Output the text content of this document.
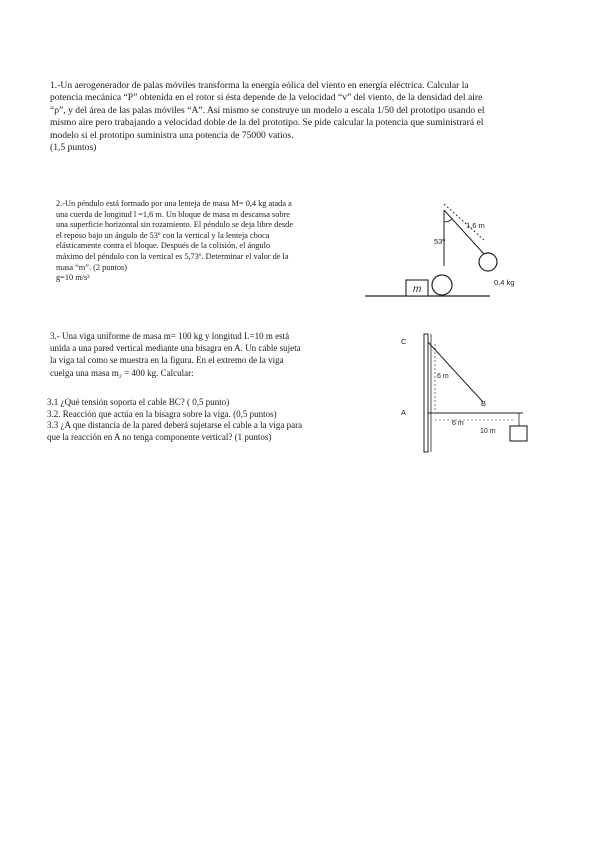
1.-Un aerogenerador de palas móviles transforma la energía eólica del viento en energía eléctrica. Calcular la
potencia mecánica “P” obtenida en el rotor si ésta depende de la velocidad “v” del viento, de la densidad del aire
“ρ”, y del área de las palas móviles “A”. Así mismo se construye un modelo a escala 1/50 del prototipo usando el
mismo aire pero trabajando a velocidad doble de la del prototipo. Se pide calcular la potencia que suministrará el
modelo si el prototipo suministra una potencia de 75000 vatios.
(1,5 puntos)
2.-Un péndulo está formado por una lenteja de masa M= 0,4 kg atada a
una cuerda de longitud l =1,6 m. Un bloque de masa m descansa sobre
una superficie horizontal sin rozamiento. El péndulo se deja libre desde
el reposo bajo un ángulo de 53º con la vertical y la lenteja choca
elásticamente contra el bloque. Después de la colisión, el ángulo
máximo del péndulo con la vertical es 5,73º. Determinar el valor de la
masa “m”. (2 puntos)
g=10 m/s²
m
1,6 m
53º
0,4 kg
3.- Una viga uniforme de masa m= 100 kg y longitud L=10 m está
unida a una pared vertical mediante una bisagra en A. Un cable sujeta
la viga tal como se muestra en la figura. En el extremo de la viga
cuelga una masa m₂ = 400 kg. Calcular:
3.1 ¿Qué tensión soporta el cable BC? ( 0,5 punto)
3.2. Reacción que actúa en la bisagra sobre la viga. (0,5 puntos)
3.3 ¿A que distancia de la pared deberá sujetarse el cable a la viga para
que la reacción en A no tenga componente vertical? (1 puntos)
C
A
B
6 m
6 m
10 m
